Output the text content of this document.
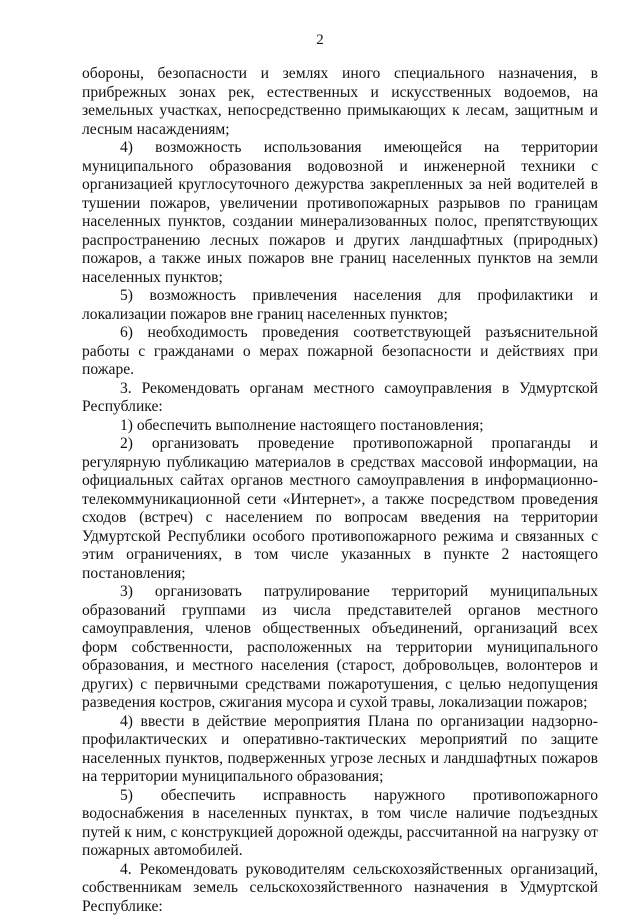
2

обороны, безопасности и землях иного специального назначения, в прибрежных зонах рек, естественных и искусственных водоемов, на земельных участках, непосредственно примыкающих к лесам, защитным и лесным насаждениям;

4) возможность использования имеющейся на территории муниципального образования водовозной и инженерной техники с организацией круглосуточного дежурства закрепленных за ней водителей в тушении пожаров, увеличении противопожарных разрывов по границам населенных пунктов, создании минерализованных полос, препятствующих распространению лесных пожаров и других ландшафтных (природных) пожаров, а также иных пожаров вне границ населенных пунктов на земли населенных пунктов;

5) возможность привлечения населения для профилактики и локализации пожаров вне границ населенных пунктов;

6) необходимость проведения соответствующей разъяснительной работы с гражданами о мерах пожарной безопасности и действиях при пожаре.

3. Рекомендовать органам местного самоуправления в Удмуртской Республике:

1) обеспечить выполнение настоящего постановления;

2) организовать проведение противопожарной пропаганды и регулярную публикацию материалов в средствах массовой информации, на официальных сайтах органов местного самоуправления в информационно-телекоммуникационной сети «Интернет», а также посредством проведения сходов (встреч) с населением по вопросам введения на территории Удмуртской Республики особого противопожарного режима и связанных с этим ограничениях, в том числе указанных в пункте 2 настоящего постановления;

3) организовать патрулирование территорий муниципальных образований группами из числа представителей органов местного самоуправления, членов общественных объединений, организаций всех форм собственности, расположенных на территории муниципального образования, и местного населения (старост, добровольцев, волонтеров и других) с первичными средствами пожаротушения, с целью недопущения разведения костров, сжигания мусора и сухой травы, локализации пожаров;

4) ввести в действие мероприятия Плана по организации надзорно-профилактических и оперативно-тактических мероприятий по защите населенных пунктов, подверженных угрозе лесных и ландшафтных пожаров на территории муниципального образования;

5) обеспечить исправность наружного противопожарного водоснабжения в населенных пунктах, в том числе наличие подъездных путей к ним, с конструкцией дорожной одежды, рассчитанной на нагрузку от пожарных автомобилей.

4. Рекомендовать руководителям сельскохозяйственных организаций, собственникам земель сельскохозяйственного назначения в Удмуртской Республике:
